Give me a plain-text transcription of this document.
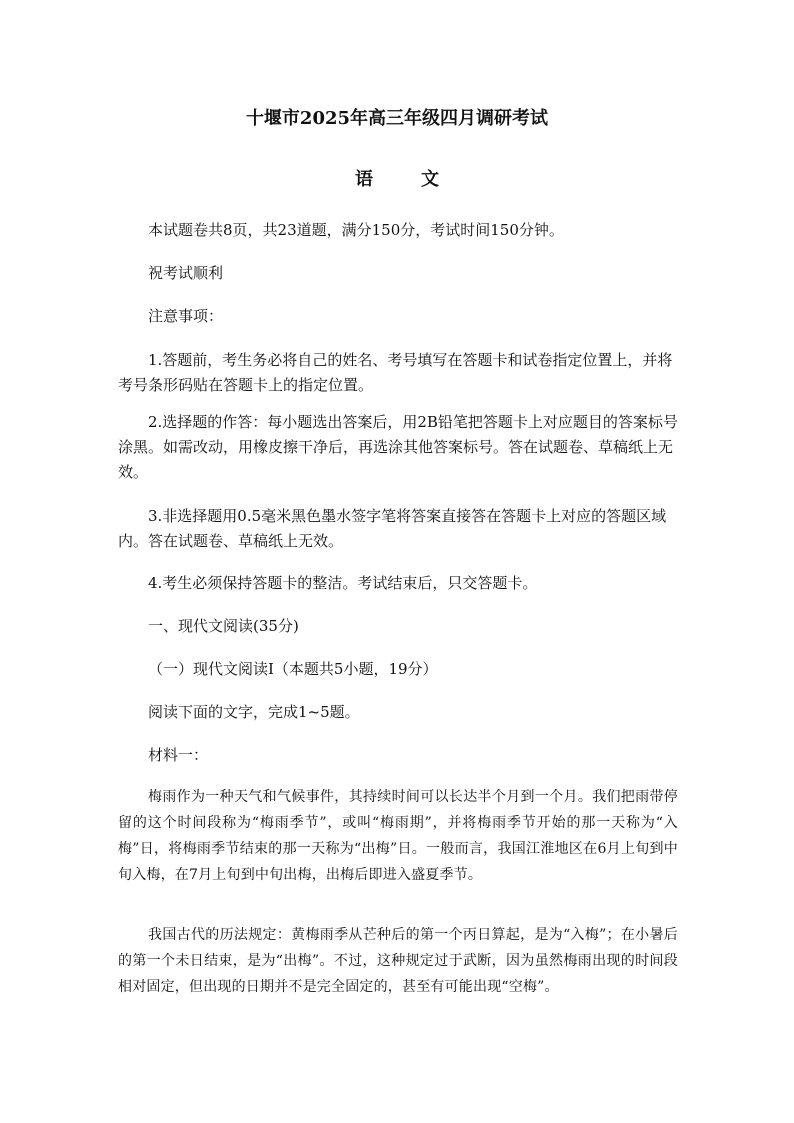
十堰市2025年高三年级四月调研考试
语文

本试题卷共8页，共23道题，满分150分，考试时间150分钟。

祝考试顺利

注意事项：

1.答题前，考生务必将自己的姓名、考号填写在答题卡和试卷指定位置上，并将考号条形码贴在答题卡上的指定位置。

2.选择题的作答：每小题选出答案后，用2B铅笔把答题卡上对应题目的答案标号涂黑。如需改动，用橡皮擦干净后，再选涂其他答案标号。答在试题卷、草稿纸上无效。

3.非选择题用0.5毫米黑色墨水签字笔将答案直接答在答题卡上对应的答题区域内。答在试题卷、草稿纸上无效。

4.考生必须保持答题卡的整洁。考试结束后，只交答题卡。

一、现代文阅读(35分)

（一）现代文阅读Ⅰ（本题共5小题，19分）

阅读下面的文字，完成1~5题。

材料一：

梅雨作为一种天气和气候事件，其持续时间可以长达半个月到一个月。我们把雨带停留的这个时间段称为“梅雨季节”，或叫“梅雨期”，并将梅雨季节开始的那一天称为“入梅”日，将梅雨季节结束的那一天称为“出梅”日。一般而言，我国江淮地区在6月上旬到中旬入梅，在7月上旬到中旬出梅，出梅后即进入盛夏季节。

我国古代的历法规定：黄梅雨季从芒种后的第一个丙日算起，是为“入梅”；在小暑后的第一个未日结束，是为“出梅”。不过，这种规定过于武断，因为虽然梅雨出现的时间段相对固定，但出现的日期并不是完全固定的，甚至有可能出现“空梅”。
